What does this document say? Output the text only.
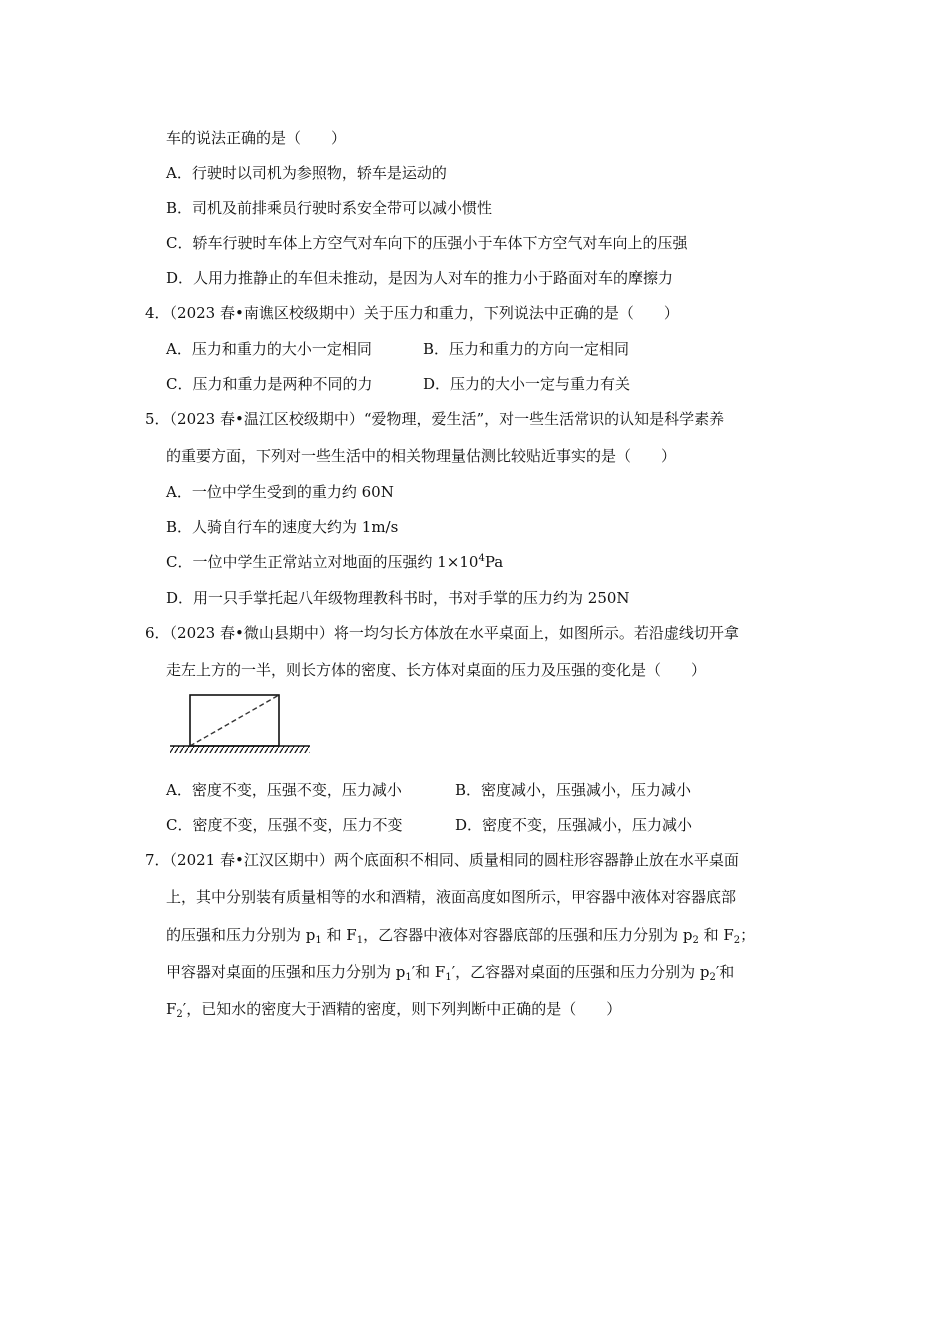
车的说法正确的是（　　）
A．行驶时以司机为参照物，轿车是运动的
B．司机及前排乘员行驶时系安全带可以减小惯性
C．轿车行驶时车体上方空气对车向下的压强小于车体下方空气对车向上的压强
D．人用力推静止的车但未推动，是因为人对车的推力小于路面对车的摩擦力
4．（2023 春•南谯区校级期中）关于压力和重力，下列说法中正确的是（　　）
A．压力和重力的大小一定相同	B．压力和重力的方向一定相同
C．压力和重力是两种不同的力	D．压力的大小一定与重力有关
5．（2023 春•温江区校级期中）“爱物理，爱生活”，对一些生活常识的认知是科学素养
的重要方面，下列对一些生活中的相关物理量估测比较贴近事实的是（　　）
A．一位中学生受到的重力约 60N
B．人骑自行车的速度大约为 1m/s
C．一位中学生正常站立对地面的压强约 $1\times 10^4Pa$
D．用一只手掌托起八年级物理教科书时，书对手掌的压力约为 250N
6．（2023 春•微山县期中）将一均匀长方体放在水平桌面上，如图所示。若沿虚线切开拿
走左上方的一半，则长方体的密度、长方体对桌面的压力及压强的变化是（　　）
A．密度不变，压强不变，压力减小	B．密度减小，压强减小，压力减小
C．密度不变，压强不变，压力不变	D．密度不变，压强减小，压力减小
7．（2021 春•江汉区期中）两个底面积不相同、质量相同的圆柱形容器静止放在水平桌面
上，其中分别装有质量相等的水和酒精，液面高度如图所示，甲容器中液体对容器底部
的压强和压力分别为 $p_1$ 和 $F_1$，乙容器中液体对容器底部的压强和压力分别为 $p_2$ 和 $F_2$；
甲容器对桌面的压强和压力分别为 $p_1'$和 $F_1'$，乙容器对桌面的压强和压力分别为 $p_2'$和
$F_2'$，已知水的密度大于酒精的密度，则下列判断中正确的是（　　）
